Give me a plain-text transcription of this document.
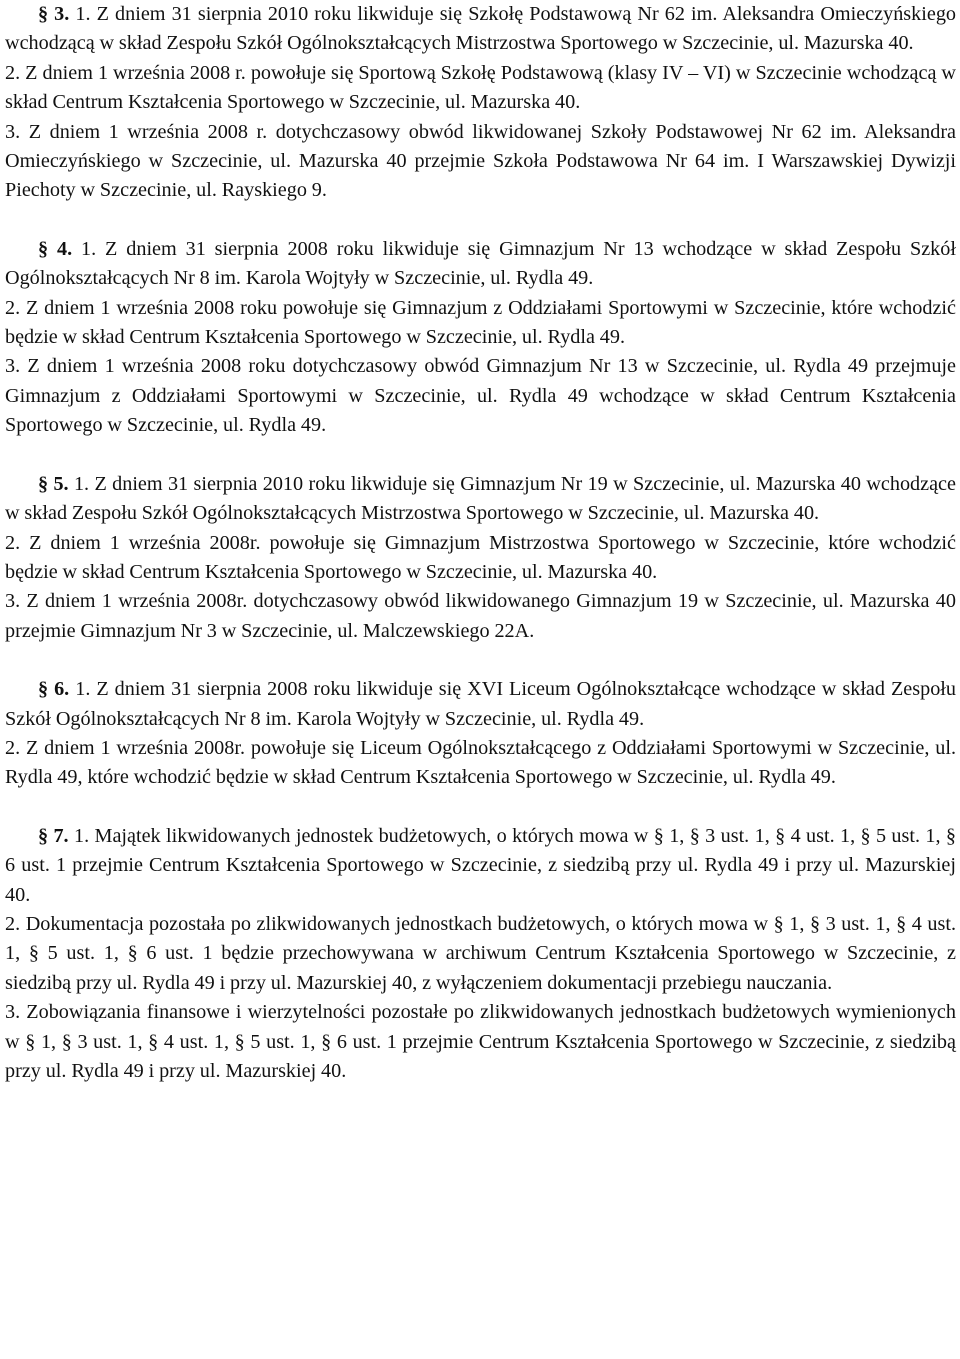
§ 3. 1. Z dniem 31 sierpnia 2010 roku likwiduje się Szkołę Podstawową Nr 62 im. Aleksandra Omieczyńskiego wchodzącą w skład Zespołu Szkół Ogólnokształcących Mistrzostwa Sportowego w Szczecinie, ul. Mazurska 40.

2. Z dniem 1 września 2008 r. powołuje się Sportową Szkołę Podstawową (klasy IV – VI) w Szczecinie wchodzącą w skład Centrum Kształcenia Sportowego w Szczecinie, ul. Mazurska 40.

3. Z dniem 1 września 2008 r. dotychczasowy obwód likwidowanej Szkoły Podstawowej Nr 62 im. Aleksandra Omieczyńskiego w Szczecinie, ul. Mazurska 40 przejmie Szkoła Podstawowa Nr 64 im. I Warszawskiej Dywizji Piechoty w Szczecinie, ul. Rayskiego 9.

§ 4. 1. Z dniem 31 sierpnia 2008 roku likwiduje się Gimnazjum Nr 13 wchodzące w skład Zespołu Szkół Ogólnokształcących Nr 8 im. Karola Wojtyły w Szczecinie, ul. Rydla 49.

2. Z dniem 1 września 2008 roku powołuje się Gimnazjum z Oddziałami Sportowymi w Szczecinie, które wchodzić będzie w skład Centrum Kształcenia Sportowego w Szczecinie, ul. Rydla 49.

3. Z dniem 1 września 2008 roku dotychczasowy obwód Gimnazjum Nr 13 w Szczecinie, ul. Rydla 49 przejmuje Gimnazjum z Oddziałami Sportowymi w Szczecinie, ul. Rydla 49 wchodzące w skład Centrum Kształcenia Sportowego w Szczecinie, ul. Rydla 49.

§ 5. 1. Z dniem 31 sierpnia 2010 roku likwiduje się Gimnazjum Nr 19 w Szczecinie, ul. Mazurska 40 wchodzące w skład Zespołu Szkół Ogólnokształcących Mistrzostwa Sportowego w Szczecinie, ul. Mazurska 40.

2. Z dniem 1 września 2008r. powołuje się Gimnazjum Mistrzostwa Sportowego w Szczecinie, które wchodzić będzie w skład Centrum Kształcenia Sportowego w Szczecinie, ul. Mazurska 40.

3. Z dniem 1 września 2008r. dotychczasowy obwód likwidowanego Gimnazjum 19 w Szczecinie, ul. Mazurska 40 przejmie Gimnazjum Nr 3 w Szczecinie, ul. Malczewskiego 22A.

§ 6. 1. Z dniem 31 sierpnia 2008 roku likwiduje się XVI Liceum Ogólnokształcące wchodzące w skład Zespołu Szkół Ogólnokształcących Nr 8 im. Karola Wojtyły w Szczecinie, ul. Rydla 49.

2. Z dniem 1 września 2008r. powołuje się Liceum Ogólnokształcącego z Oddziałami Sportowymi w Szczecinie, ul. Rydla 49, które wchodzić będzie w skład Centrum Kształcenia Sportowego w Szczecinie, ul. Rydla 49.

§ 7. 1. Majątek likwidowanych jednostek budżetowych, o których mowa w § 1, § 3 ust. 1, § 4 ust. 1, § 5 ust. 1, § 6 ust. 1 przejmie Centrum Kształcenia Sportowego w Szczecinie, z siedzibą przy ul. Rydla 49 i przy ul. Mazurskiej 40.

2. Dokumentacja pozostała po zlikwidowanych jednostkach budżetowych, o których mowa w § 1, § 3 ust. 1, § 4 ust. 1, § 5 ust. 1, § 6 ust. 1 będzie przechowywana w archiwum Centrum Kształcenia Sportowego w Szczecinie, z siedzibą przy ul. Rydla 49 i przy ul. Mazurskiej 40, z wyłączeniem dokumentacji przebiegu nauczania.

3. Zobowiązania finansowe i wierzytelności pozostałe po zlikwidowanych jednostkach budżetowych wymienionych w § 1, § 3 ust. 1, § 4 ust. 1, § 5 ust. 1, § 6 ust. 1 przejmie Centrum Kształcenia Sportowego w Szczecinie, z siedzibą przy ul. Rydla 49 i przy ul. Mazurskiej 40.
